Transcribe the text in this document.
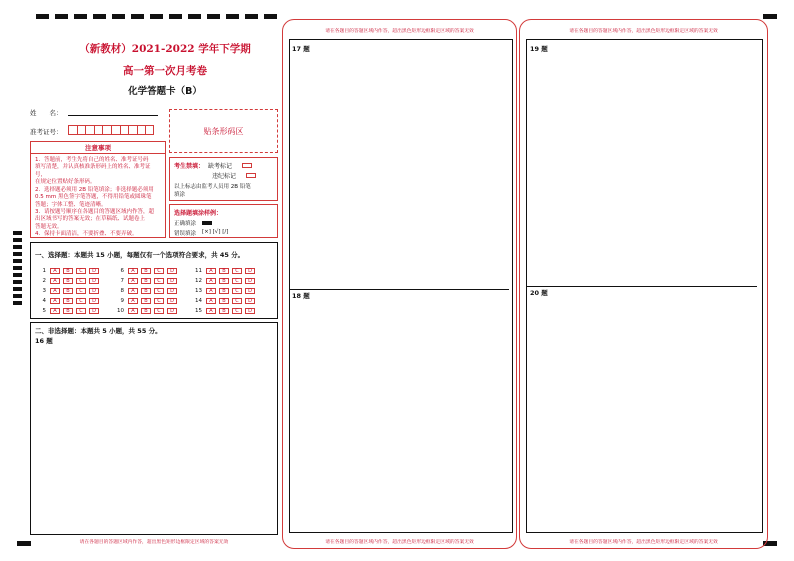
（新教材）2021-2022 学年下学期
高一第一次月考卷
化学答题卡（B）
姓　　名：
准考证号：	贴条形码区
注意事项
1．答题前，考生先将自己的姓名、准考证号码
填写清楚，并认真核准条形码上的姓名、准考证号，
在规定位置贴好条形码。
2．选择题必须用 2B 铅笔填涂；非选择题必须用
0.5 mm 黑色签字笔答题，不得用铅笔或圆珠笔
答题；字体工整、笔迹清晰。
3．请按题号顺序在各题目的答题区域内作答，超
出区域书写的答案无效；在草稿纸、试题卷上
答题无效。
4．保持卡面清洁，不要折叠、不要弄破。
考生禁填： 缺考标记
违纪标记
以上标志由监考人员用 2B 铅笔
填涂
选择题填涂样例：
正确填涂
错误填涂 [×] [√] [/]
一、选择题：本题共 15 小题，每题仅有一个选项符合要求，共 45 分。
1	A	B	C	D
2	A	B	C	D
3	A	B	C	D
4	A	B	C	D
5	A	B	C	D
6	A	B	C	D
7	A	B	C	D
8	A	B	C	D
9	A	B	C	D
10	A	B	C	D
11	A	B	C	D
12	A	B	C	D
13	A	B	C	D
14	A	B	C	D
15	A	B	C	D
二、非选择题：本题共 5 小题，共 55 分。
16 题
请在各题目的答题区域内作答，超出黑色矩形边框限定区域的答案无效
请在各题目的答题区域内作答，超出黑色矩形边框限定区域的答案无效
17 题
18 题
请在各题目的答题区域内作答，超出黑色矩形边框限定区域的答案无效
请在各题目的答题区域内作答，超出黑色矩形边框限定区域的答案无效
19 题
20 题
请在各题目的答题区域内作答，超出黑色矩形边框限定区域的答案无效
